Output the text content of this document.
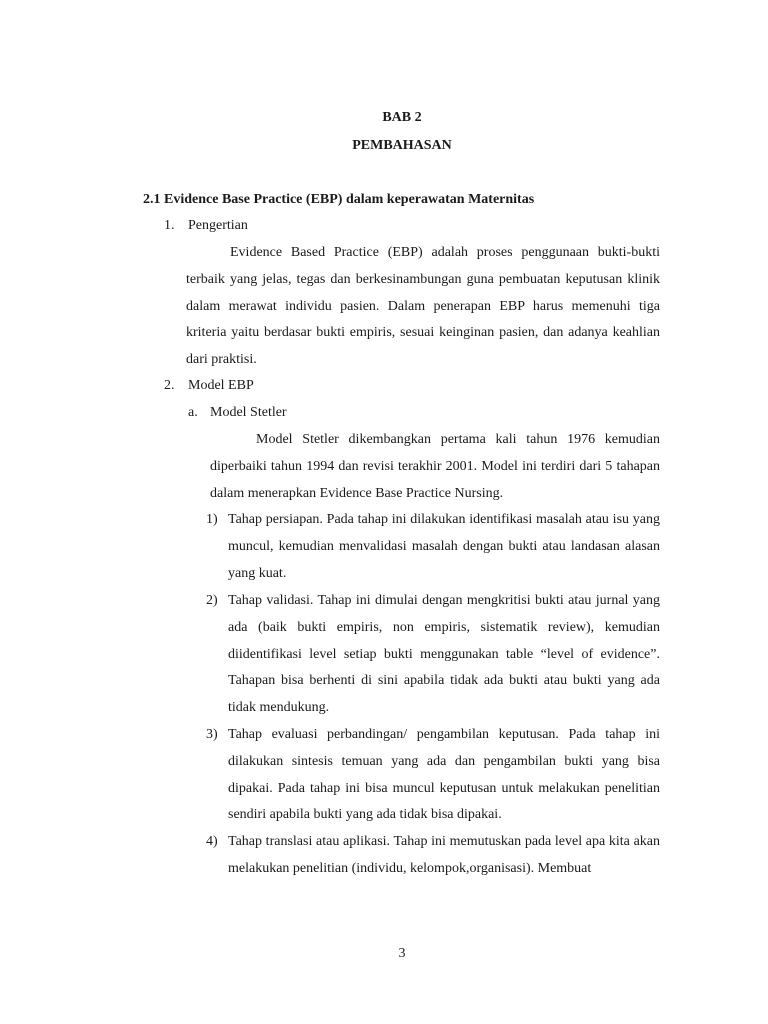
BAB 2
PEMBAHASAN
2.1 Evidence Base Practice (EBP) dalam keperawatan Maternitas
1. Pengertian

Evidence Based Practice (EBP) adalah proses penggunaan bukti-bukti terbaik yang jelas, tegas dan berkesinambungan guna pembuatan keputusan klinik dalam merawat individu pasien. Dalam penerapan EBP harus memenuhi tiga kriteria yaitu berdasar bukti empiris, sesuai keinginan pasien, dan adanya keahlian dari praktisi.

2. Model EBP
a. Model Stetler

Model Stetler dikembangkan pertama kali tahun 1976 kemudian diperbaiki tahun 1994 dan revisi terakhir 2001. Model ini terdiri dari 5 tahapan dalam menerapkan Evidence Base Practice Nursing.

1) Tahap persiapan. Pada tahap ini dilakukan identifikasi masalah atau isu yang muncul, kemudian menvalidasi masalah dengan bukti atau landasan alasan yang kuat.

2) Tahap validasi. Tahap ini dimulai dengan mengkritisi bukti atau jurnal yang ada (baik bukti empiris, non empiris, sistematik review), kemudian diidentifikasi level setiap bukti menggunakan table “level of evidence”. Tahapan bisa berhenti di sini apabila tidak ada bukti atau bukti yang ada tidak mendukung.

3) Tahap evaluasi perbandingan/ pengambilan keputusan. Pada tahap ini dilakukan sintesis temuan yang ada dan pengambilan bukti yang bisa dipakai. Pada tahap ini bisa muncul keputusan untuk melakukan penelitian sendiri apabila bukti yang ada tidak bisa dipakai.

4) Tahap translasi atau aplikasi. Tahap ini memutuskan pada level apa kita akan melakukan penelitian (individu, kelompok,organisasi). Membuat

3
